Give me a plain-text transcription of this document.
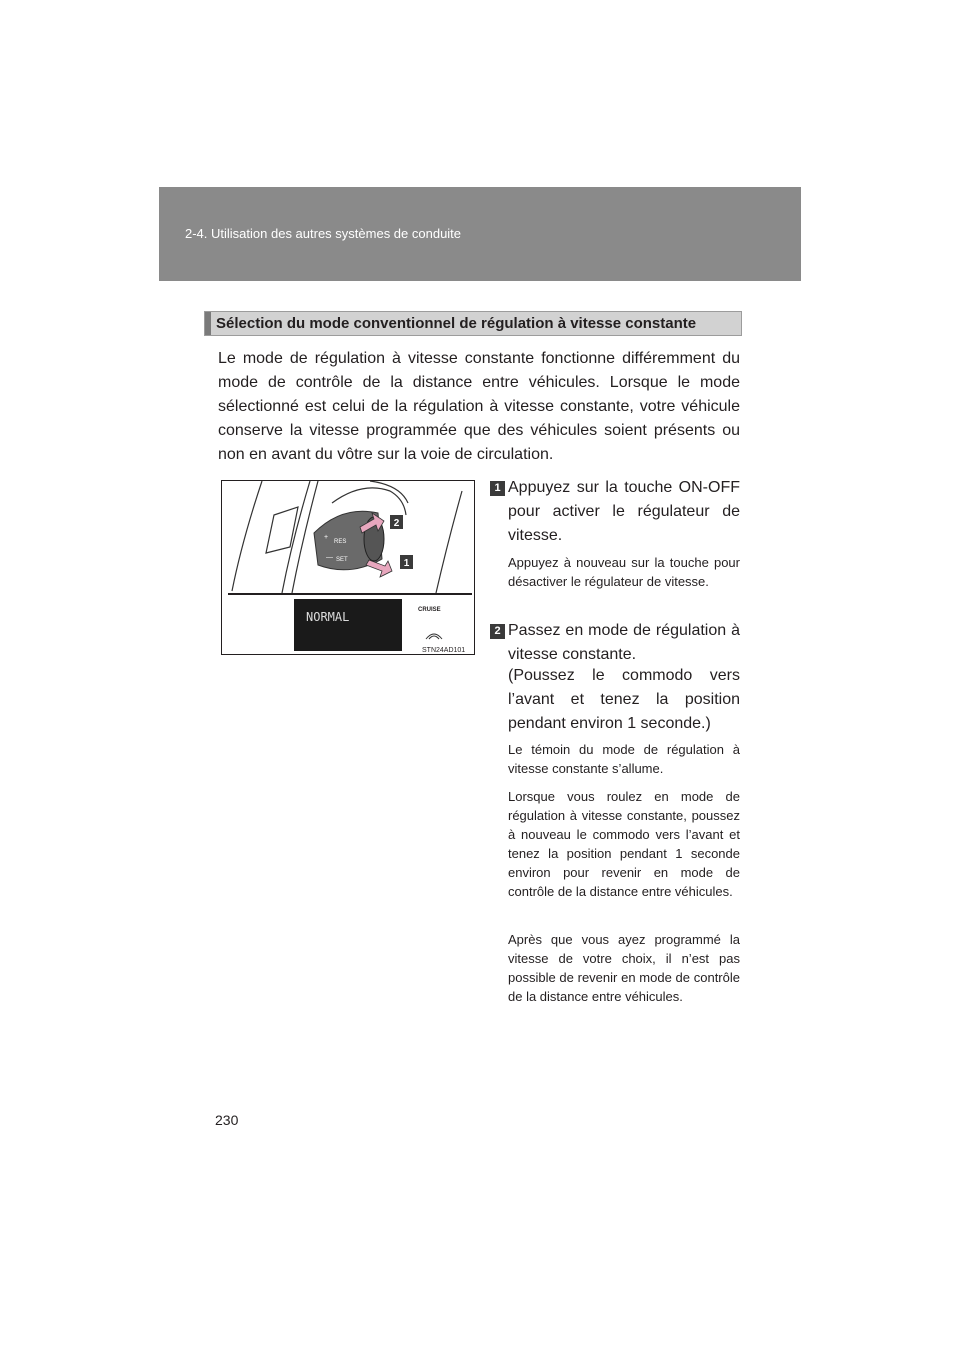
2-4. Utilisation des autres systèmes de conduite
Sélection du mode conventionnel de régulation à vitesse constante
Le mode de régulation à vitesse constante fonctionne différemment du mode de contrôle de la distance entre véhicules. Lorsque le mode sélectionné est celui de la régulation à vitesse constante, votre véhicule conserve la vitesse programmée que des véhicules soient présents ou non en avant du vôtre sur la voie de circulation.
+
RES
— SET
2
1
NORMAL	CRUISE
STN24AD101
1 Appuyez sur la touche ON-OFF pour activer le régulateur de vitesse.
Appuyez à nouveau sur la touche pour désactiver le régulateur de vitesse.
2 Passez en mode de régulation à vitesse constante.
(Poussez le commodo vers l’avant et tenez la position pendant environ 1 seconde.)
Le témoin du mode de régulation à vitesse constante s’allume.
Lorsque vous roulez en mode de régulation à vitesse constante, poussez à nouveau le commodo vers l’avant et tenez la position pendant 1 seconde environ pour revenir en mode de contrôle de la distance entre véhicules.
Après que vous ayez programmé la vitesse de votre choix, il n’est pas possible de revenir en mode de contrôle de la distance entre véhicules.
230
